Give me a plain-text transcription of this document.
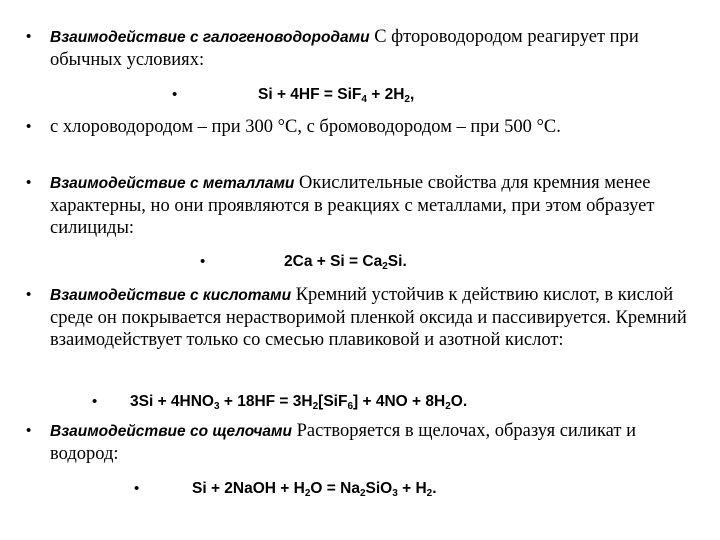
• Взаимодействие с галогеноводородами С фтороводородом реагирует при обычных условиях:
•	$Si + 4HF = SiF_4 + 2H_2$,
• с хлороводородом – при 300 °С, с бромоводородом – при 500 °С.
• Взаимодействие с металлами Окислительные свойства для кремния менее характерны, но они проявляются в реакциях с металлами, при этом образует силициды:
•	$2Ca + Si = Ca_2Si$.
• Взаимодействие с кислотами Кремний устойчив к действию кислот, в кислой среде он покрывается нерастворимой пленкой оксида и пассивируется. Кремний взаимодействует только со смесью плавиковой и азотной кислот:
• $3Si + 4HNO_3 + 18HF = 3H_2[SiF_6] + 4NO + 8H_2O$.
• Взаимодействие со щелочами Растворяется в щелочах, образуя силикат и водород:
•	Si + 2NaOH + $H_2O = Na_2SiO_3 + H_2$.
